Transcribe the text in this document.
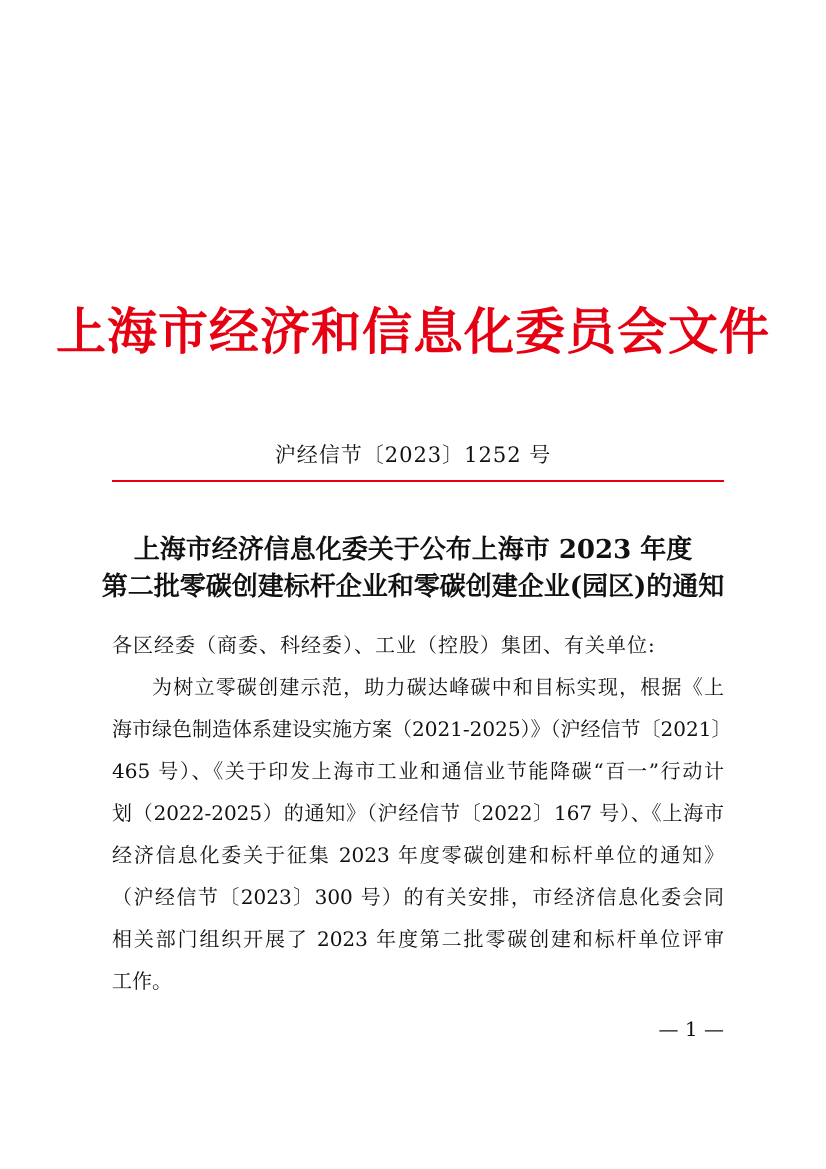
上海市经济和信息化委员会文件
沪经信节〔2023〕1252 号
上海市经济信息化委关于公布上海市 2023 年度
第二批零碳创建标杆企业和零碳创建企业(园区)的通知
各区经委（商委、科经委）、工业（控股）集团、有关单位:
为树立零碳创建示范，助力碳达峰碳中和目标实现，根据《上
海市绿色制造体系建设实施方案（2021-2025）》（沪经信节〔2021〕
465 号）、《关于印发上海市工业和通信业节能降碳“百一”行动计
划（2022-2025）的通知》（沪经信节〔2022〕167 号）、《上海市
经济信息化委关于征集 2023 年度零碳创建和标杆单位的通知》
（沪经信节〔2023〕300 号）的有关安排，市经济信息化委会同
相关部门组织开展了 2023 年度第二批零碳创建和标杆单位评审
工作。
— 1 —
